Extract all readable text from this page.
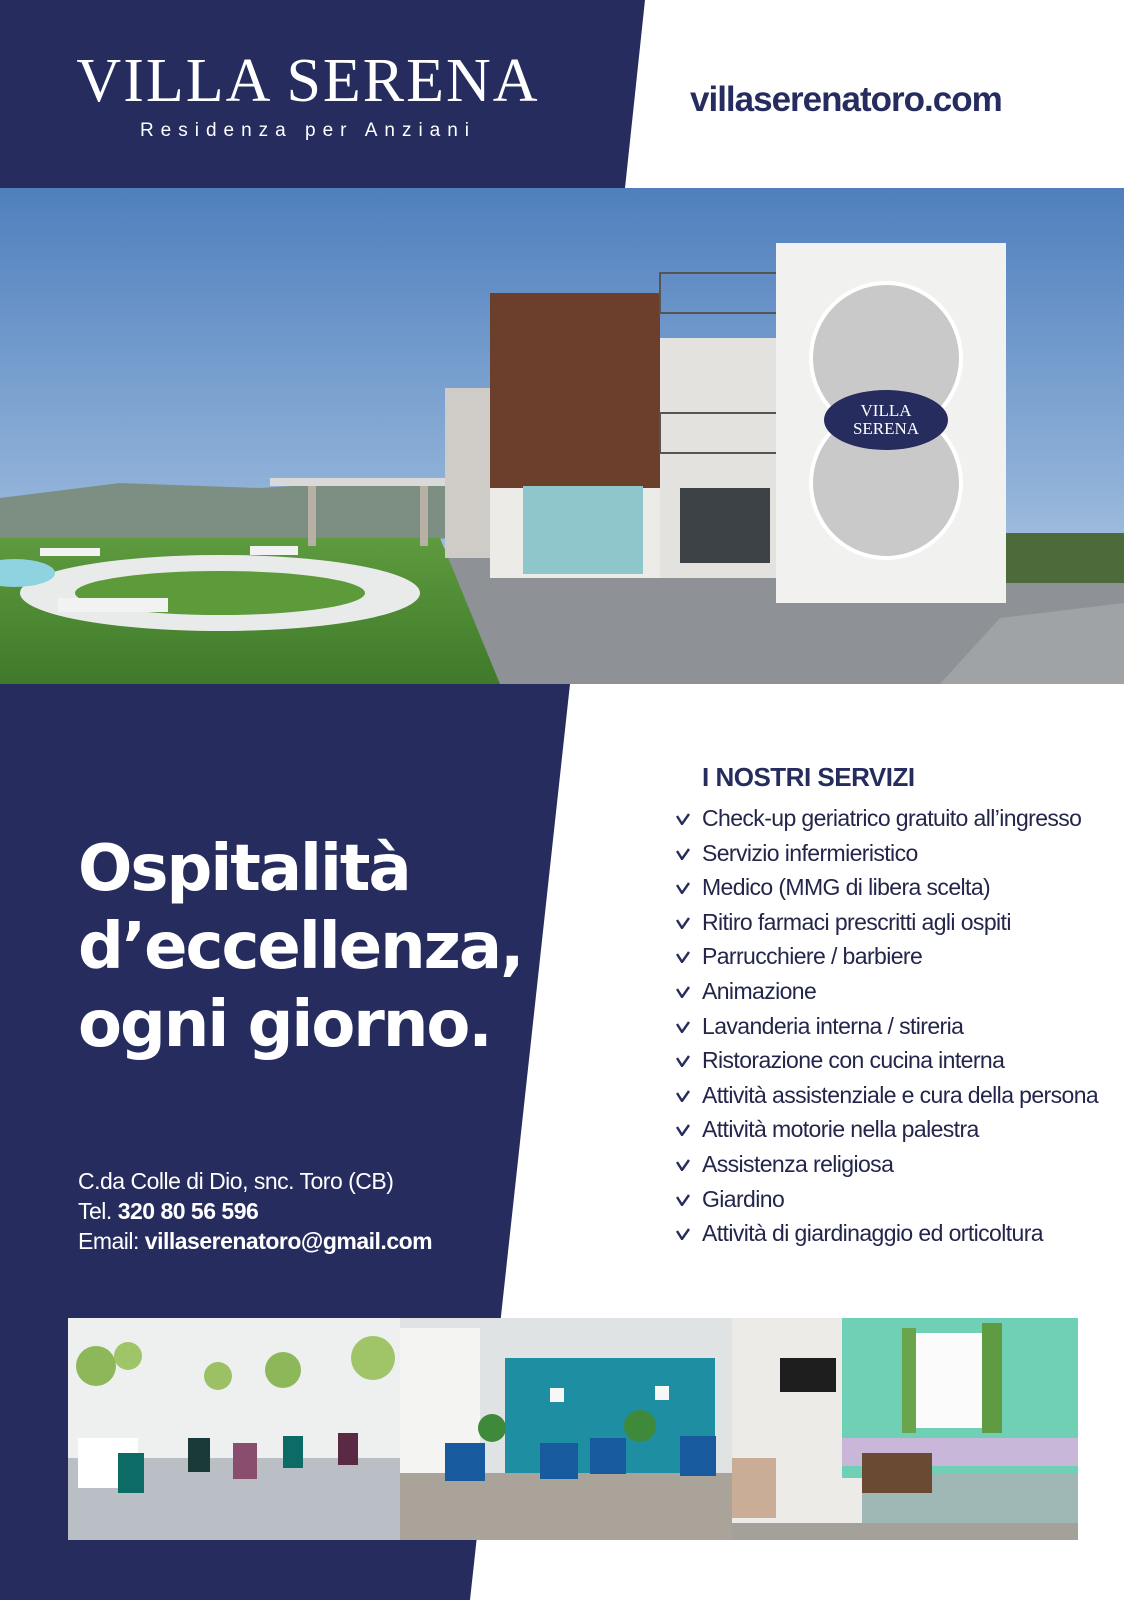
VILLA SERENA
Residenza per Anziani
villaserenatoro.com
VILLA
SERENA
Ospitalità
d’eccellenza,
ogni giorno.
C.da Colle di Dio, snc. Toro (CB)
Tel. 320 80 56 596
Email: villaserenatoro@gmail.com
I NOSTRI SERVIZI
Check-up geriatrico gratuito all’ingresso
Servizio infermieristico
Medico (MMG di libera scelta)
Ritiro farmaci prescritti agli ospiti
Parrucchiere / barbiere
Animazione
Lavanderia interna / stireria
Ristorazione con cucina interna
Attività assistenziale e cura della persona
Attività motorie nella palestra
Assistenza religiosa
Giardino
Attività di giardinaggio ed orticoltura
